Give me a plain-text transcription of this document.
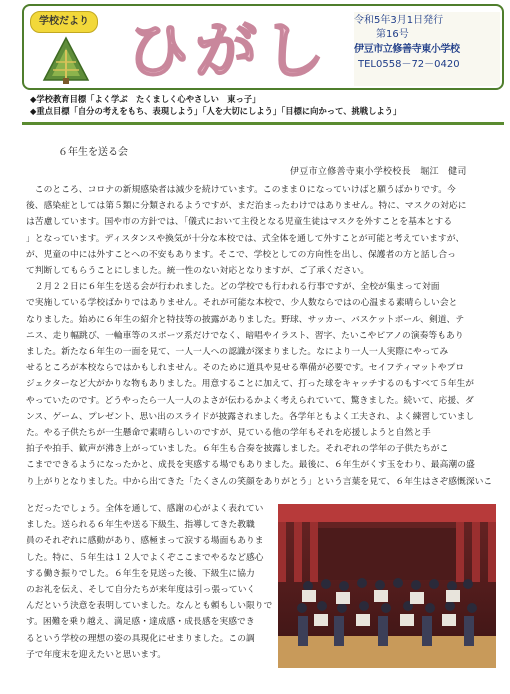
学校だより ひがし 令和5年3月1日発行
第16号
伊豆市立修善寺東小学校
TEL0558－72－0420
◆学校教育目標「よく学ぶ　たくましく心やさしい　東っ子」
◆重点目標「自分の考えをもち、表現しよう」「人を大切にしよう」「目標に向かって、挑戦しよう」
６年生を送る会
伊豆市立修善寺東小学校校長　堀江　健司
　このところ、コロナの新規感染者は減少を続けています。このまま０になっていけばと願うばかりです。今
後、感染症としては第５類に分類されるようですが、まだ治まったわけではありません。特に、マスクの対応に
は苦慮しています。国や市の方針では、「儀式において主役となる児童生徒はマスクを外すことを基本とする
」となっています。ディスタンスや換気が十分な本校では、式全体を通して外すことが可能と考えていますが、
が、児童の中には外すことへの不安もあります。そこで、学校としての方向性を出し、保護者の方と話し合っ
て判断してもらうことにしました。統一性のない対応となりますが、ご了承ください。
　２月２２日に６年生を送る会が行われました。どの学校でも行われる行事ですが、全校が集まって対面
で実施している学校ばかりではありません。それが可能な本校で、少人数ならではの心温まる素晴らしい会と
なりました。始めに６年生の紹介と特技等の披露がありました。野球、サッカー、バスケットボール、剣道、テ
ニス、走り幅跳び、一輪車等のスポーツ系だけでなく、暗唱やイラスト、習字、たいこやピアノの演奏等もあり
ました。新たな６年生の一面を見て、一人一人への認識が深まりました。なにより一人一人実際にやってみ
せるところが本校ならではかもしれません。そのために道具や見せる準備が必要です。セイフティマットやプロ
ジェクターなど大がかりな物もありました。用意することに加えて、打った球をキャッチするのもすべて５年生が
やっていたのです。どうやったら一人一人のよさが伝わるかよく考えられていて、驚きました。続いて、応援、ダ
ンス、ゲーム、プレゼント、思い出のスライドが披露されました。各学年ともよく工夫され、よく練習していまし
た。やる子供たちが一生懸命で素晴らしいのですが、見ている他の学年もそれを応援しようと自然と手
拍子や拍手、歓声が沸き上がっていました。６年生も合奏を披露しました。それぞれの学年の子供たちがこ
こまでできるようになったかと、成長を実感する場でもありました。最後に、６年生がくす玉をわり、最高潮の盛
り上がりとなりました。中から出てきた「たくさんの笑顔をありがとう」という言葉を見て、６年生はさぞ感慨深いこ
とだったでしょう。全体を通して、感謝の心がよく表れてい
ました。送られる６年生や送る下級生、指導してきた教職
員のそれぞれに感動があり、感極まって涙する場面もありま
した。特に、５年生は１２人でよくぞここまでやるなど感心
する働き振りでした。６年生を見送った後、下級生に協力
のお礼を伝え、そして自分たちが来年度は引っ張っていく
んだという決意を表明していました。なんとも頼もしい限りで
す。困難を乗り越え、満足感・達成感・成長感を実感でき
るという学校の理想の姿の具現化にせまりました。この調
子で年度末を迎えたいと思います。
